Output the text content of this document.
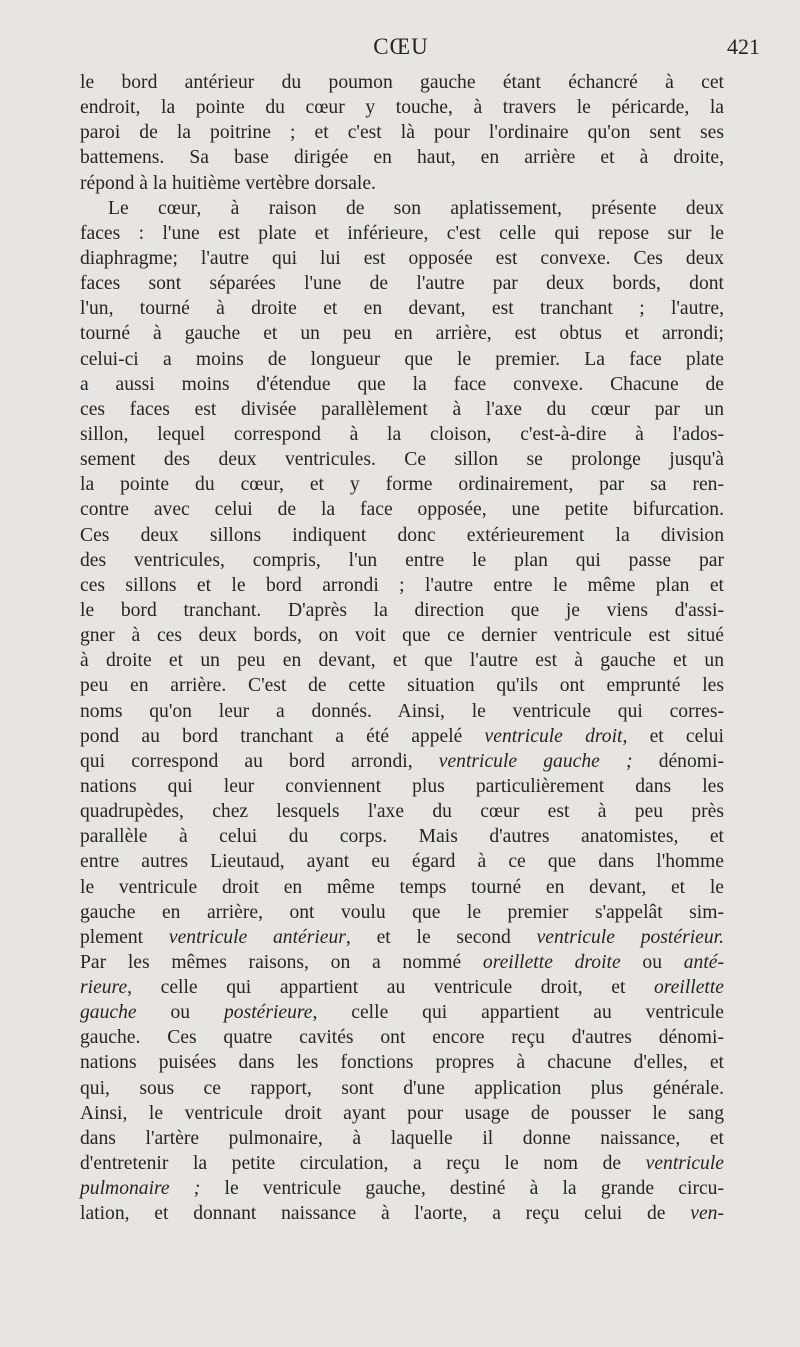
CŒU	421
le bord antérieur du poumon gauche étant échancré à cet
endroit, la pointe du cœur y touche, à travers le péricarde, la
paroi de la poitrine ; et c'est là pour l'ordinaire qu'on sent ses
battemens. Sa base dirigée en haut, en arrière et à droite,
répond à la huitième vertèbre dorsale.
Le cœur, à raison de son aplatissement, présente deux
faces : l'une est plate et inférieure, c'est celle qui repose sur le
diaphragme; l'autre qui lui est opposée est convexe. Ces deux
faces sont séparées l'une de l'autre par deux bords, dont
l'un, tourné à droite et en devant, est tranchant ; l'autre,
tourné à gauche et un peu en arrière, est obtus et arrondi;
celui-ci a moins de longueur que le premier. La face plate
a aussi moins d'étendue que la face convexe. Chacune de
ces faces est divisée parallèlement à l'axe du cœur par un
sillon, lequel correspond à la cloison, c'est-à-dire à l'ados-
sement des deux ventricules. Ce sillon se prolonge jusqu'à
la pointe du cœur, et y forme ordinairement, par sa ren-
contre avec celui de la face opposée, une petite bifurcation.
Ces deux sillons indiquent donc extérieurement la division
des ventricules, compris, l'un entre le plan qui passe par
ces sillons et le bord arrondi ; l'autre entre le même plan et
le bord tranchant. D'après la direction que je viens d'assi-
gner à ces deux bords, on voit que ce dernier ventricule est situé
à droite et un peu en devant, et que l'autre est à gauche et un
peu en arrière. C'est de cette situation qu'ils ont emprunté les
noms qu'on leur a donnés. Ainsi, le ventricule qui corres-
pond au bord tranchant a été appelé ventricule droit, et celui
qui correspond au bord arrondi, ventricule gauche ; dénomi-
nations qui leur conviennent plus particulièrement dans les
quadrupèdes, chez lesquels l'axe du cœur est à peu près
parallèle à celui du corps. Mais d'autres anatomistes, et
entre autres Lieutaud, ayant eu égard à ce que dans l'homme
le ventricule droit en même temps tourné en devant, et le
gauche en arrière, ont voulu que le premier s'appelât sim-
plement ventricule antérieur, et le second ventricule postérieur.
Par les mêmes raisons, on a nommé oreillette droite ou anté-
rieure, celle qui appartient au ventricule droit, et oreillette
gauche ou postérieure, celle qui appartient au ventricule
gauche. Ces quatre cavités ont encore reçu d'autres dénomi-
nations puisées dans les fonctions propres à chacune d'elles, et
qui, sous ce rapport, sont d'une application plus générale.
Ainsi, le ventricule droit ayant pour usage de pousser le sang
dans l'artère pulmonaire, à laquelle il donne naissance, et
d'entretenir la petite circulation, a reçu le nom de ventricule
pulmonaire ; le ventricule gauche, destiné à la grande circu-
lation, et donnant naissance à l'aorte, a reçu celui de ven-
